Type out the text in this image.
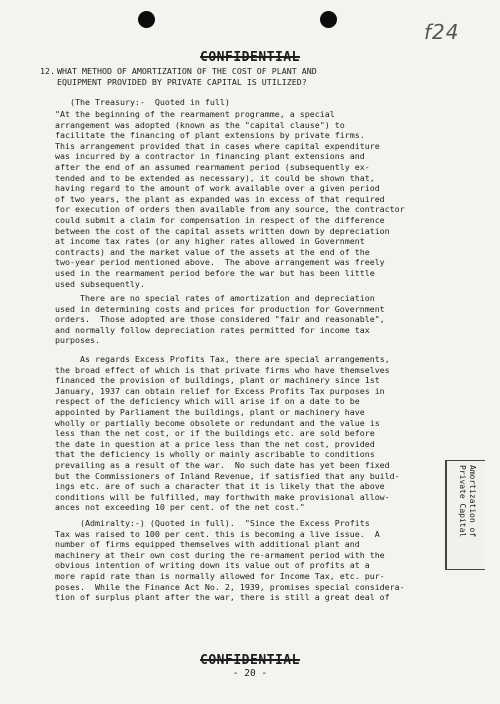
f24
CONFIDENTIAL
12. WHAT METHOD OF AMORTIZATION OF THE COST OF PLANT AND
EQUIPMENT PROVIDED BY PRIVATE CAPITAL IS UTILIZED?

(The Treasury:-  Quoted in full)

"At the beginning of the rearmament programme, a special
arrangement was adopted (known as the "capital clause") to
facilitate the financing of plant extensions by private firms.
This arrangement provided that in cases where capital expenditure
was incurred by a contractor in financing plant extensions and
after the end of an assumed rearmament period (subsequently ex-
tended and to be extended as necessary), it could be shown that,
having regard to the amount of work available over a given period
of two years, the plant as expanded was in excess of that required
for execution of orders then available from any source, the contractor
could submit a claim for compensation in respect of the difference
between the cost of the capital assets written down by depreciation
at income tax rates (or any higher rates allowed in Government
contracts) and the market value of the assets at the end of the
two-year period mentioned above.  The above arrangement was freely
used in the rearmament period before the war but has been little
used subsequently.

There are no special rates of amortization and depreciation
used in determining costs and prices for production for Government
orders.  Those adopted are those considered "fair and reasonable",
and normally follow depreciation rates permitted for income tax
purposes.

As regards Excess Profits Tax, there are special arrangements,
the broad effect of which is that private firms who have themselves
financed the provision of buildings, plant or machinery since 1st
January, 1937 can obtain relief for Excess Profits Tax purposes in
respect of the deficiency which will arise if on a date to be
appointed by Parliament the buildings, plant or machinery have
wholly or partially become obsolete or redundant and the value is
less than the net cost, or if the buildings etc. are sold before
the date in question at a price less than the net cost, provided
that the deficiency is wholly or mainly ascribable to conditions
prevailing as a result of the war.  No such date has yet been fixed
but the Commissioners of Inland Revenue, if satisfied that any build-
ings etc. are of such a character that it is likely that the above
conditions will be fulfilled, may forthwith make provisional allow-
ances not exceeding 10 per cent. of the net cost."

(Admiralty:-) (Quoted in full).  "Since the Excess Profits
Tax was raised to 100 per cent. this is becoming a live issue.  A
number of firms equipped themselves with additional plant and
machinery at their own cost during the re-armament period with the
obvious intention of writing down its value out of profits at a
more rapid rate than is normally allowed for Income Tax, etc. pur-
poses.  While the Finance Act No. 2, 1939, promises special considera-
tion of surplus plant after the war, there is still a great deal of

Amortization of
Private Capital
CONFIDENTIAL
- 20 -
